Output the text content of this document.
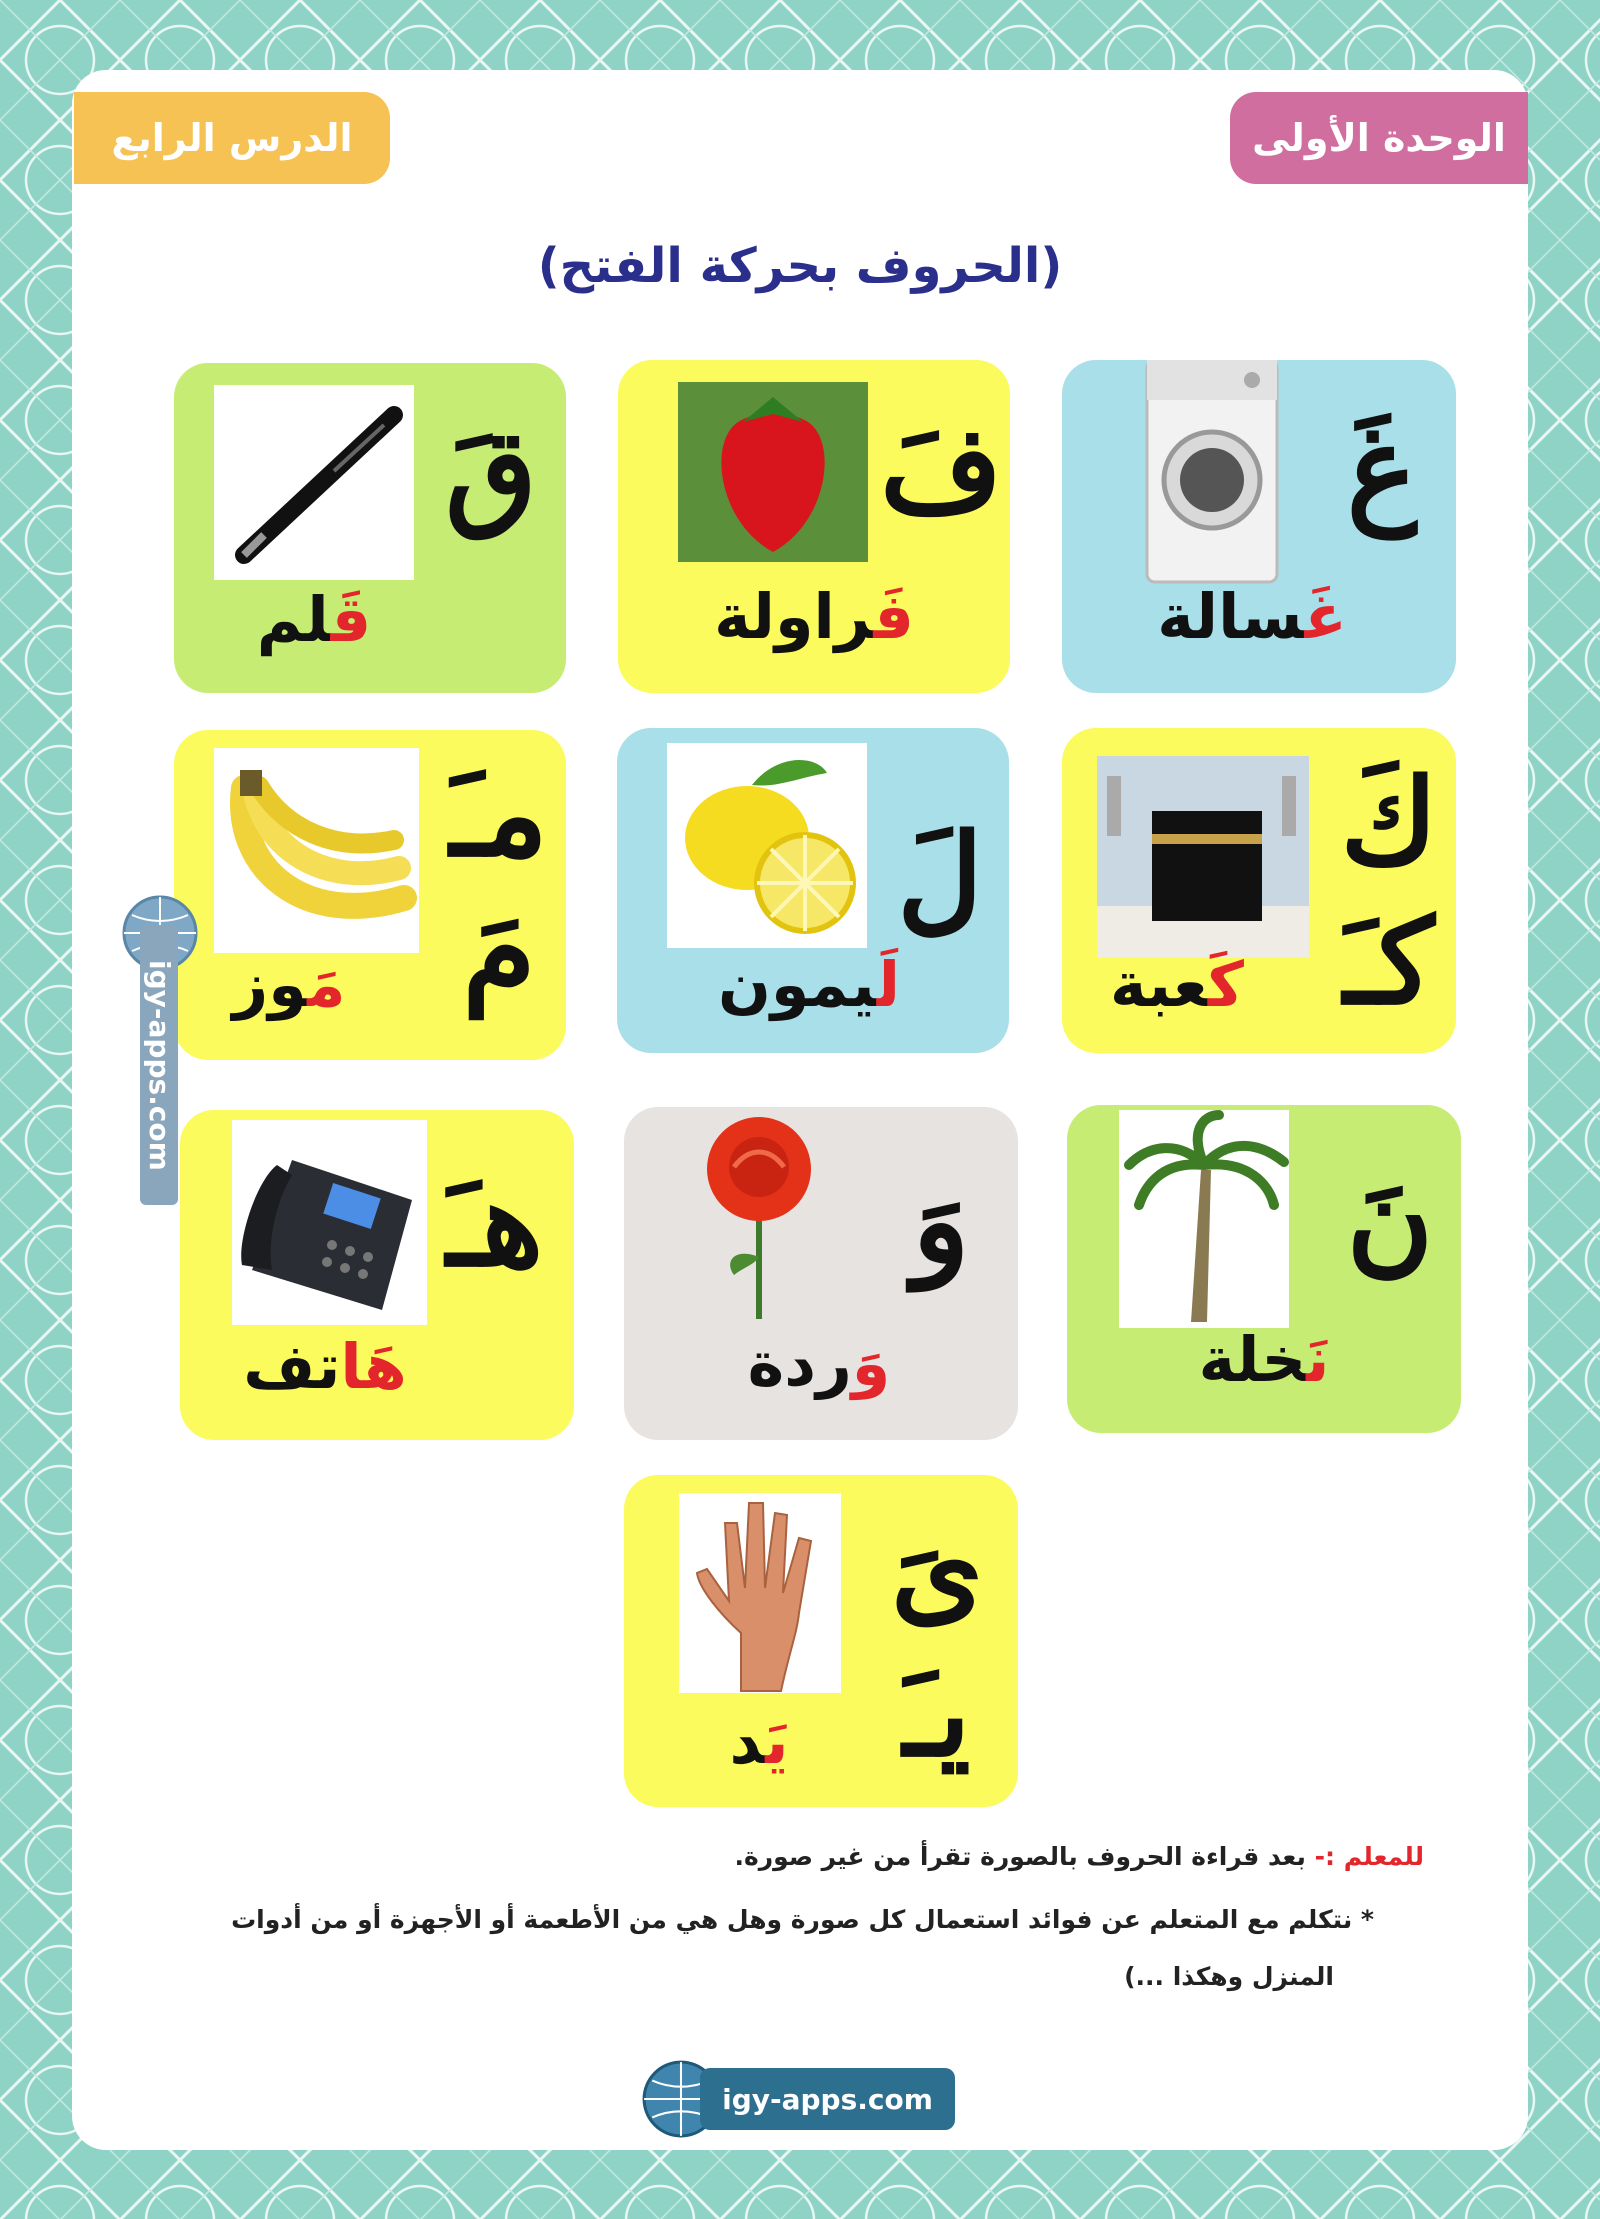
الوحدة الأولى
الدرس الرابع
(الحروف بحركة الفتح)
غَ
غَسالة
فَ
فَراولة
قَ
قَلم
كَ
كـَ
كَعبة
لَ
لَيمون
مـَ
مَ
مَوز
نَ
نَخلة
وَ
وَردة
هـَ
هَاتف
ىَ
يـَ
يَد
للمعلم :- بعد قراءة الحروف بالصورة تقرأ من غير صورة.
* نتكلم مع المتعلم عن فوائد استعمال كل صورة وهل هي من الأطعمة أو الأجهزة أو من أدوات
المنزل وهكذا ...)
igy-apps.com
igy-apps.com
